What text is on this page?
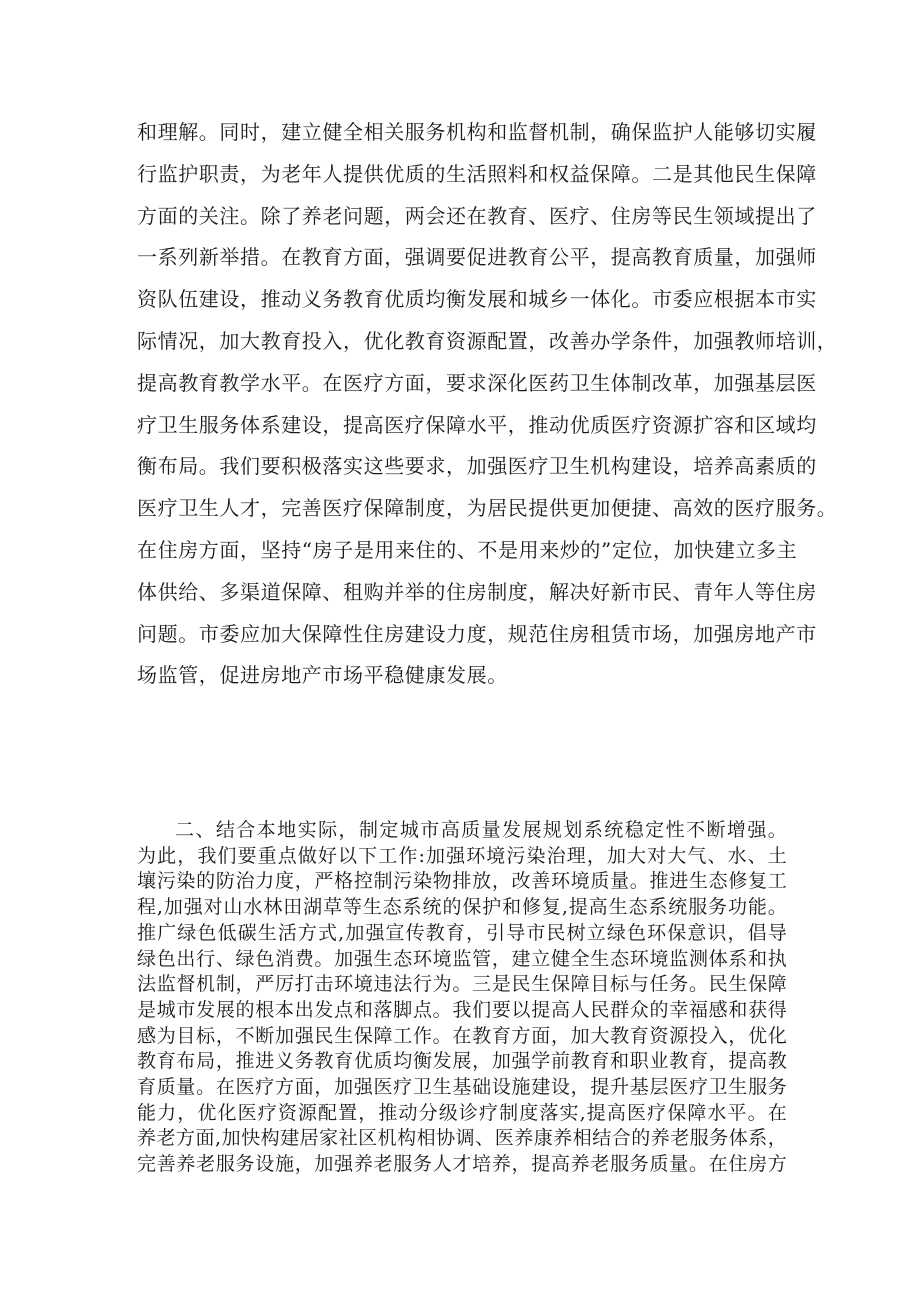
和理解。同时，建立健全相关服务机构和监督机制，确保监护人能够切实履
行监护职责，为老年人提供优质的生活照料和权益保障。二是其他民生保障
方面的关注。除了养老问题，两会还在教育、医疗、住房等民生领域提出了
一系列新举措。在教育方面，强调要促进教育公平，提高教育质量，加强师
资队伍建设，推动义务教育优质均衡发展和城乡一体化。市委应根据本市实
际情况，加大教育投入，优化教育资源配置，改善办学条件，加强教师培训，
提高教育教学水平。在医疗方面，要求深化医药卫生体制改革，加强基层医
疗卫生服务体系建设，提高医疗保障水平，推动优质医疗资源扩容和区域均
衡布局。我们要积极落实这些要求，加强医疗卫生机构建设，培养高素质的
医疗卫生人才，完善医疗保障制度，为居民提供更加便捷、高效的医疗服务。
在住房方面，坚持“房子是用来住的、不是用来炒的”定位，加快建立多主
体供给、多渠道保障、租购并举的住房制度，解决好新市民、青年人等住房
问题。市委应加大保障性住房建设力度，规范住房租赁市场，加强房地产市
场监管，促进房地产市场平稳健康发展。
二、结合本地实际，制定城市高质量发展规划系统稳定性不断增强。
为此，我们要重点做好以下工作:加强环境污染治理，加大对大气、水、土
壤污染的防治力度，严格控制污染物排放，改善环境质量。推进生态修复工
程,加强对山水林田湖草等生态系统的保护和修复,提高生态系统服务功能。
推广绿色低碳生活方式,加强宣传教育，引导市民树立绿色环保意识，倡导
绿色出行、绿色消费。加强生态环境监管，建立健全生态环境监测体系和执
法监督机制，严厉打击环境违法行为。三是民生保障目标与任务。民生保障
是城市发展的根本出发点和落脚点。我们要以提高人民群众的幸福感和获得
感为目标，不断加强民生保障工作。在教育方面，加大教育资源投入，优化
教育布局，推进义务教育优质均衡发展，加强学前教育和职业教育，提高教
育质量。在医疗方面，加强医疗卫生基础设施建设，提升基层医疗卫生服务
能力，优化医疗资源配置，推动分级诊疗制度落实,提高医疗保障水平。在
养老方面,加快构建居家社区机构相协调、医养康养相结合的养老服务体系，
完善养老服务设施，加强养老服务人才培养，提高养老服务质量。在住房方
